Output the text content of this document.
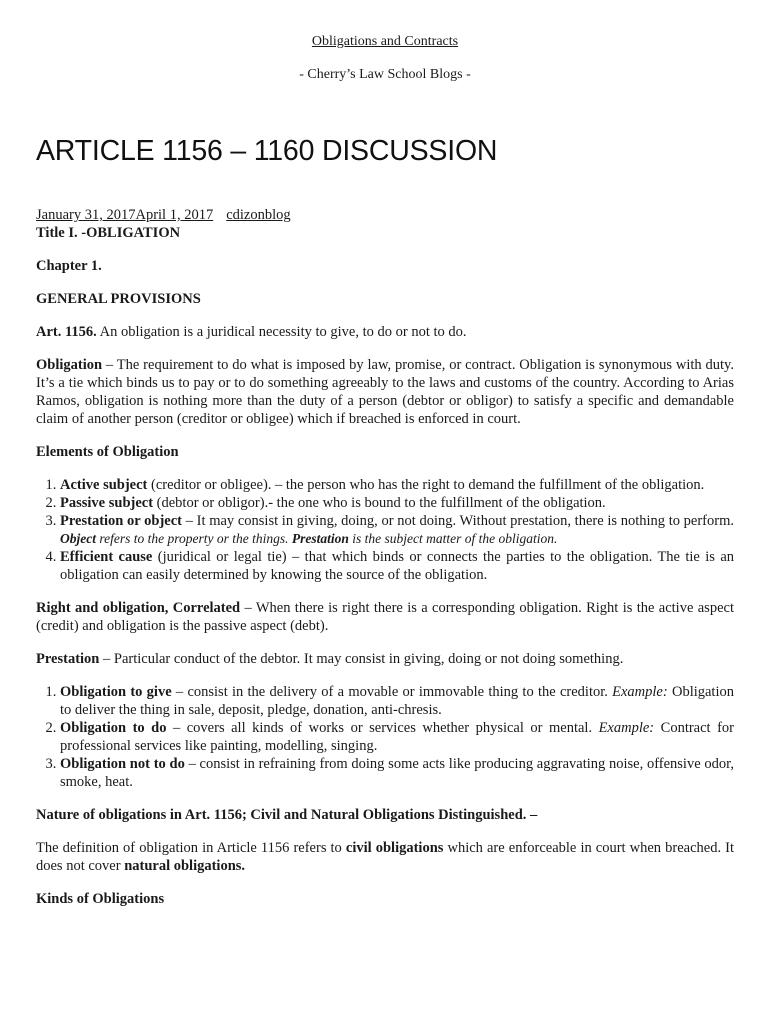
Obligations and Contracts
- Cherry’s Law School Blogs -
ARTICLE 1156 – 1160 DISCUSSION
January 31, 2017April 1, 2017 cdizonblog

Title I. -OBLIGATION

Chapter 1.

GENERAL PROVISIONS

Art. 1156. An obligation is a juridical necessity to give, to do or not to do.

Obligation – The requirement to do what is imposed by law, promise, or contract. Obligation is synonymous with duty. It’s a tie which binds us to pay or to do something agreeably to the laws and customs of the country. According to Arias Ramos, obligation is nothing more than the duty of a person (debtor or obligor) to satisfy a specific and demandable claim of another person (creditor or obligee) which if breached is enforced in court.

Elements of Obligation

1. Active subject (creditor or obligee). – the person who has the right to demand the fulfillment of the obligation.
2. Passive subject (debtor or obligor).- the one who is bound to the fulfillment of the obligation.
3. Prestation or object – It may consist in giving, doing, or not doing. Without prestation, there is nothing to perform. Object refers to the property or the things. Prestation is the subject matter of the obligation.
4. Efficient cause (juridical or legal tie) – that which binds or connects the parties to the obligation. The tie is an obligation can easily determined by knowing the source of the obligation.

Right and obligation, Correlated – When there is right there is a corresponding obligation. Right is the active aspect (credit) and obligation is the passive aspect (debt).

Prestation – Particular conduct of the debtor. It may consist in giving, doing or not doing something.

1. Obligation to give – consist in the delivery of a movable or immovable thing to the creditor. Example: Obligation to deliver the thing in sale, deposit, pledge, donation, anti-chresis.
2. Obligation to do – covers all kinds of works or services whether physical or mental. Example: Contract for professional services like painting, modelling, singing.
3. Obligation not to do – consist in refraining from doing some acts like producing aggravating noise, offensive odor, smoke, heat.

Nature of obligations in Art. 1156; Civil and Natural Obligations Distinguished. –

The definition of obligation in Article 1156 refers to civil obligations which are enforceable in court when breached. It does not cover natural obligations.

Kinds of Obligations
